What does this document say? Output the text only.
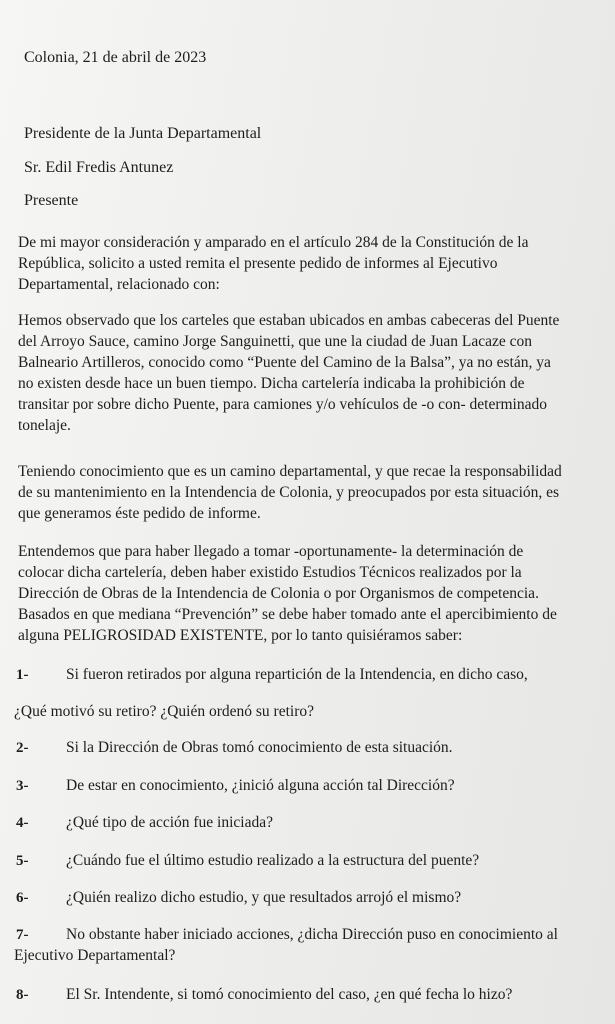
Colonia, 21 de abril de 2023
Presidente de la Junta Departamental
Sr. Edil Fredis Antunez
Presente
De mi mayor consideración y amparado en el artículo 284 de la Constitución de la
República, solicito a usted remita el presente pedido de informes al Ejecutivo
Departamental, relacionado con:
Hemos observado que los carteles que estaban ubicados en ambas cabeceras del Puente
del Arroyo Sauce, camino Jorge Sanguinetti, que une la ciudad de Juan Lacaze con
Balneario Artilleros, conocido como “Puente del Camino de la Balsa”, ya no están, ya
no existen desde hace un buen tiempo. Dicha cartelería indicaba la prohibición de
transitar por sobre dicho Puente, para camiones y/o vehículos de -o con- determinado
tonelaje.
Teniendo conocimiento que es un camino departamental, y que recae la responsabilidad
de su mantenimiento en la Intendencia de Colonia, y preocupados por esta situación, es
que generamos éste pedido de informe.
Entendemos que para haber llegado a tomar -oportunamente- la determinación de
colocar dicha cartelería, deben haber existido Estudios Técnicos realizados por la
Dirección de Obras de la Intendencia de Colonia o por Organismos de competencia.
Basados en que mediana “Prevención” se debe haber tomado ante el apercibimiento de
alguna PELIGROSIDAD EXISTENTE, por lo tanto quisiéramos saber:
1- Si fueron retirados por alguna repartición de la Intendencia, en dicho caso,
¿Qué motivó su retiro? ¿Quién ordenó su retiro?
2- Si la Dirección de Obras tomó conocimiento de esta situación.
3- De estar en conocimiento, ¿inició alguna acción tal Dirección?
4- ¿Qué tipo de acción fue iniciada?
5- ¿Cuándo fue el último estudio realizado a la estructura del puente?
6- ¿Quién realizo dicho estudio, y que resultados arrojó el mismo?
7- No obstante haber iniciado acciones, ¿dicha Dirección puso en conocimiento al
Ejecutivo Departamental?
8- El Sr. Intendente, si tomó conocimiento del caso, ¿en qué fecha lo hizo?
